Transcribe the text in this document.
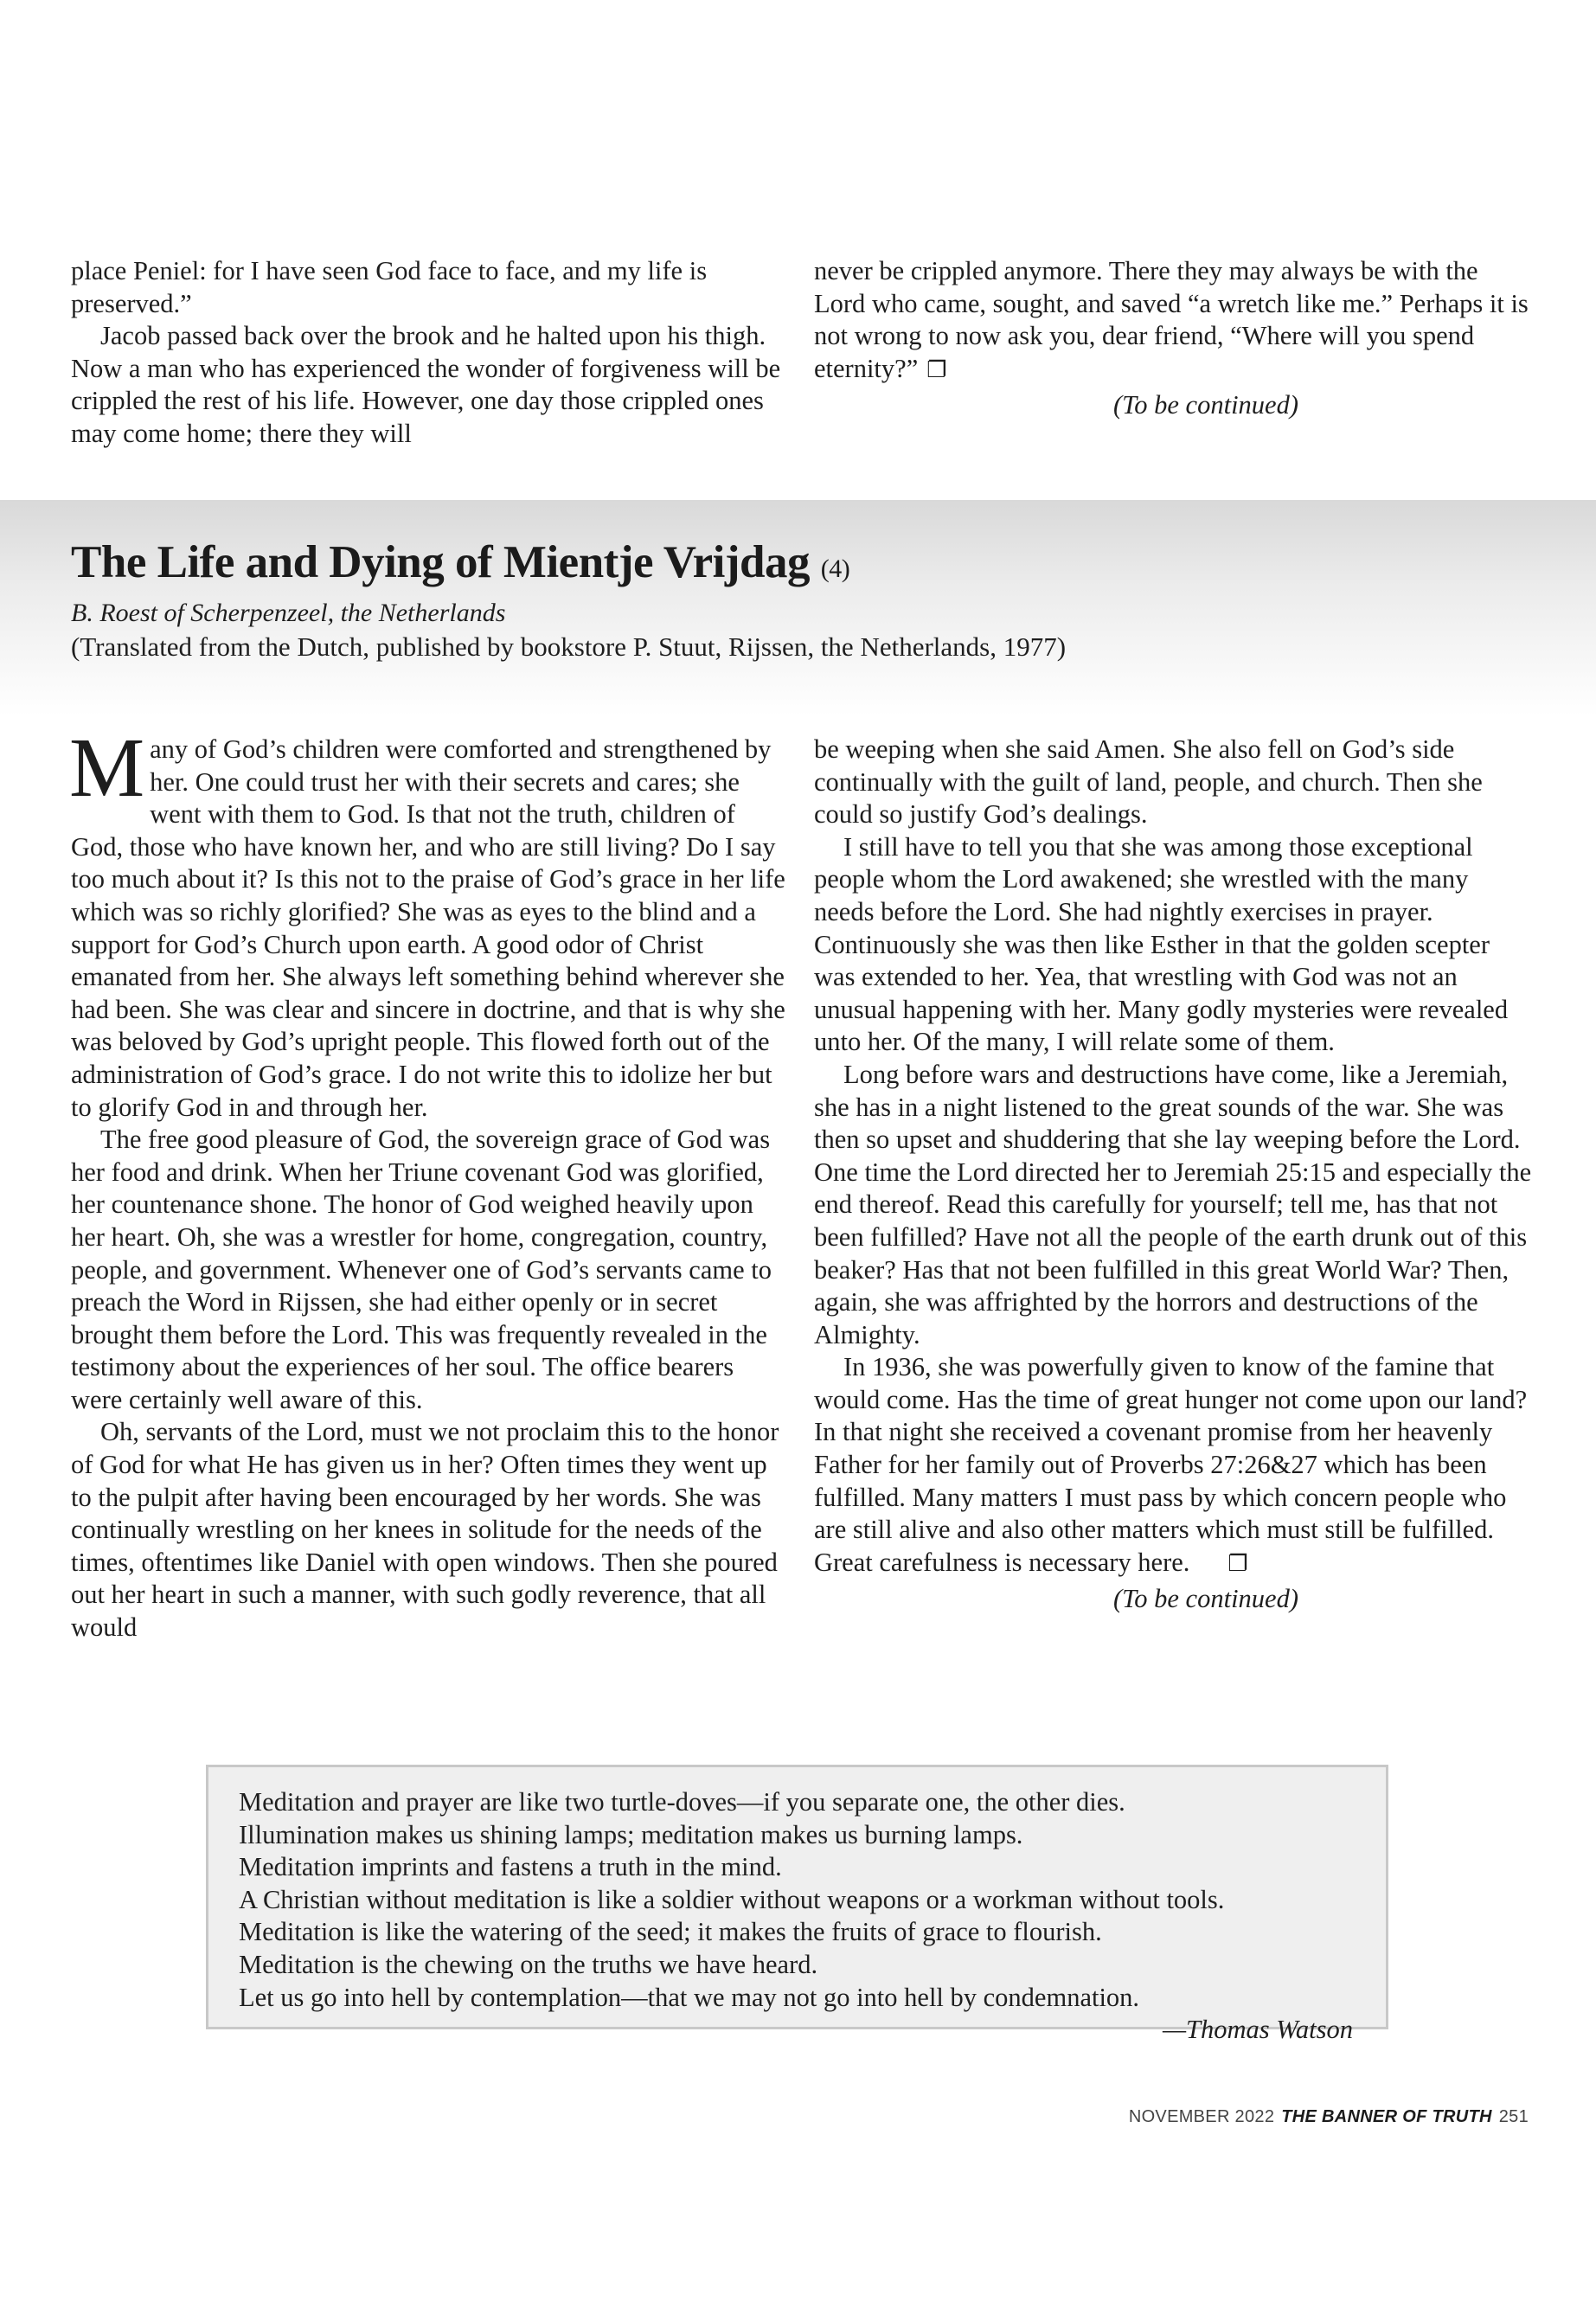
place Peniel: for I have seen God face to face, and my life is preserved.”

Jacob passed back over the brook and he halted upon his thigh. Now a man who has experienced the wonder of forgiveness will be crippled the rest of his life. However, one day those crippled ones may come home; there they will

never be crippled anymore. There they may always be with the Lord who came, sought, and saved “a wretch like me.” Perhaps it is not wrong to now ask you, dear friend, “Where will you spend eternity?” ❐

(To be continued)
The Life and Dying of Mientje Vrijdag (4)
B. Roest of Scherpenzeel, the Netherlands
(Translated from the Dutch, published by bookstore P. Stuut, Rijssen, the Netherlands, 1977)

Many of God’s children were comforted and strengthened by her. One could trust her with their secrets and cares; she went with them to God. Is that not the truth, children of God, those who have known her, and who are still living? Do I say too much about it? Is this not to the praise of God’s grace in her life which was so richly glorified? She was as eyes to the blind and a support for God’s Church upon earth. A good odor of Christ emanated from her. She always left something behind wherever she had been. She was clear and sincere in doctrine, and that is why she was beloved by God’s upright people. This flowed forth out of the administration of God’s grace. I do not write this to idolize her but to glorify God in and through her.

The free good pleasure of God, the sovereign grace of God was her food and drink. When her Triune covenant God was glorified, her countenance shone. The honor of God weighed heavily upon her heart. Oh, she was a wrestler for home, congregation, country, people, and government. Whenever one of God’s servants came to preach the Word in Rijssen, she had either openly or in secret brought them before the Lord. This was frequently revealed in the testimony about the experiences of her soul. The office bearers were certainly well aware of this.

Oh, servants of the Lord, must we not proclaim this to the honor of God for what He has given us in her? Often times they went up to the pulpit after having been encouraged by her words. She was continually wrestling on her knees in solitude for the needs of the times, oftentimes like Daniel with open windows. Then she poured out her heart in such a manner, with such godly reverence, that all would

be weeping when she said Amen. She also fell on God’s side continually with the guilt of land, people, and church. Then she could so justify God’s dealings.

I still have to tell you that she was among those exceptional people whom the Lord awakened; she wrestled with the many needs before the Lord. She had nightly exercises in prayer. Continuously she was then like Esther in that the golden scepter was extended to her. Yea, that wrestling with God was not an unusual happening with her. Many godly mysteries were revealed unto her. Of the many, I will relate some of them.

Long before wars and destructions have come, like a Jeremiah, she has in a night listened to the great sounds of the war. She was then so upset and shuddering that she lay weeping before the Lord. One time the Lord directed her to Jeremiah 25:15 and especially the end thereof. Read this carefully for yourself; tell me, has that not been fulfilled? Have not all the people of the earth drunk out of this beaker? Has that not been fulfilled in this great World War? Then, again, she was affrighted by the horrors and destructions of the Almighty.

In 1936, she was powerfully given to know of the famine that would come. Has the time of great hunger not come upon our land? In that night she received a covenant promise from her heavenly Father for her family out of Proverbs 27:26&27 which has been fulfilled. Many matters I must pass by which concern people who are still alive and also other matters which must still be fulfilled. Great carefulness is necessary here. ❐

(To be continued)
Meditation and prayer are like two turtle-doves—if you separate one, the other dies.
Illumination makes us shining lamps; meditation makes us burning lamps.
Meditation imprints and fastens a truth in the mind.
A Christian without meditation is like a soldier without weapons or a workman without tools.
Meditation is like the watering of the seed; it makes the fruits of grace to flourish.
Meditation is the chewing on the truths we have heard.
Let us go into hell by contemplation—that we may not go into hell by condemnation.
—Thomas Watson
NOVEMBER 2022 THE BANNER OF TRUTH 251
